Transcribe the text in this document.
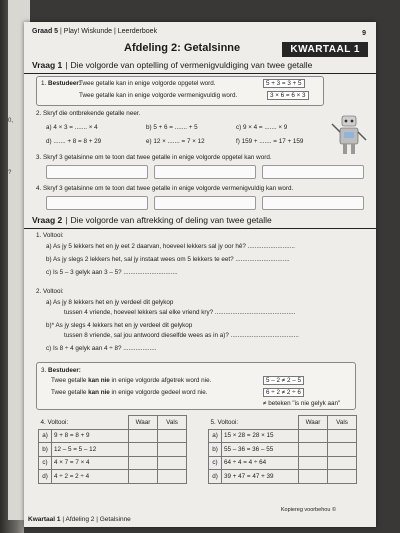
0,
?
Graad 5 | Play! Wiskunde | Leerderboek	9
Afdeling 2: Getalsinne	KWARTAAL 1
Vraag 1 | Die volgorde van optelling of vermenigvuldiging van twee getalle
1. Bestudeer:
Twee getalle kan in enige volgorde opgetel word.	5 + 3 = 3 + 5
Twee getalle kan in enige volgorde vermenigvuldig word.	3 × 6 = 6 × 3
2. Skryf die ontbrekende getalle neer.
a) 4 × 3 = ....... × 4	b) 5 + 6 = ....... + 5	c) 9 × 4 = ....... × 9
d) ....... + 8 = 8 + 29	e) 12 × ....... = 7 × 12	f) 159 + ....... = 17 + 159
3. Skryf 3 getalsinne om te toon dat twee getalle in enige volgorde opgetel kan word.
4. Skryf 3 getalsinne om te toon dat twee getalle in enige volgorde vermenigvuldig kan word.
Vraag 2 | Die volgorde van aftrekking of deling van twee getalle
1. Voltooi:
a) As jy 5 lekkers het en jy eet 2 daarvan, hoeveel lekkers sal jy oor hê? ...........................
b) As jy slegs 2 lekkers het, sal jy instaat wees om 5 lekkers te eet? ...............................
c) Is 5 – 3 gelyk aan 3 – 5? ...............................
2. Voltooi:
a) As jy 8 lekkers het en jy verdeel dit gelykop
tussen 4 vriende, hoeveel lekkers sal elke vriend kry? ..............................................
b)* As jy slegs 4 lekkers het en jy verdeel dit gelykop
tussen 8 vriende, sal jou antwoord dieselfde wees as in a)? .......................................
c) Is 8 ÷ 4 gelyk aan 4 ÷ 8? ...................
3. Bestudeer:
Twee getalle kan nie in enige volgorde afgetrek word nie.	5 – 2 ≠ 2 – 5
Twee getalle kan nie in enige volgorde gedeel word nie.	6 ÷ 2 ≠ 2 ÷ 6
≠ beteken "is nie gelyk aan"
4. Voltooi:		Waar	Vals
a)	9 + 8 = 8 + 9		
b)	12 – 5 = 5 – 12		
c)	4 × 7 = 7 × 4		
d)	4 ÷ 2 = 2 ÷ 4		
5. Voltooi:		Waar	Vals
a)	15 × 28 = 28 × 15		
b)	55 – 36 = 36 – 55		
c)	64 ÷ 4 = 4 ÷ 64		
d)	39 + 47 = 47 + 39		
Kopiereg voorbehou ©
Kwartaal 1 | Afdeling 2 | Getalsinne
